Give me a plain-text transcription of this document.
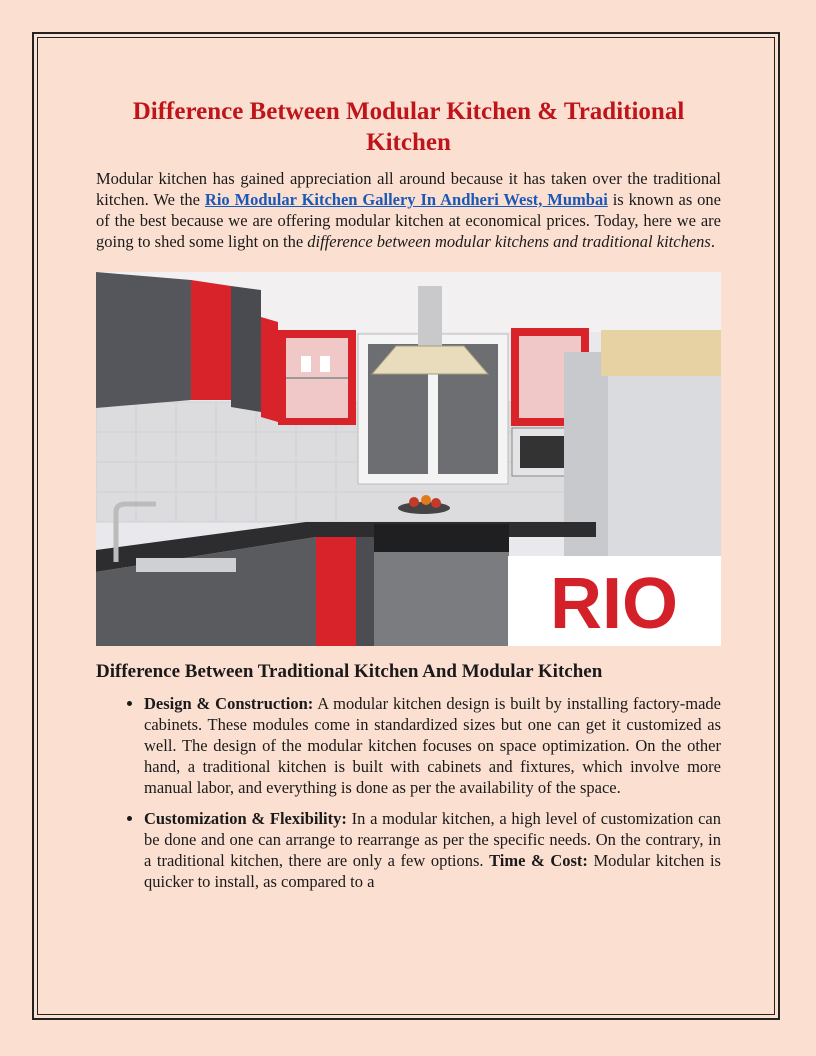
Difference Between Modular Kitchen & Traditional Kitchen

Modular kitchen has gained appreciation all around because it has taken over the traditional kitchen. We the Rio Modular Kitchen Gallery In Andheri West, Mumbai is known as one of the best because we are offering modular kitchen at economical prices. Today, here we are going to shed some light on the difference between modular kitchens and traditional kitchens.

RIO
Difference Between Traditional Kitchen And Modular Kitchen
• Design & Construction: A modular kitchen design is built by installing factory-made cabinets. These modules come in standardized sizes but one can get it customized as well. The design of the modular kitchen focuses on space optimization. On the other hand, a traditional kitchen is built with cabinets and fixtures, which involve more manual labor, and everything is done as per the availability of the space.
• Customization & Flexibility: In a modular kitchen, a high level of customization can be done and one can arrange to rearrange as per the specific needs. On the contrary, in a traditional kitchen, there are only a few options. Time & Cost: Modular kitchen is quicker to install, as compared to a
